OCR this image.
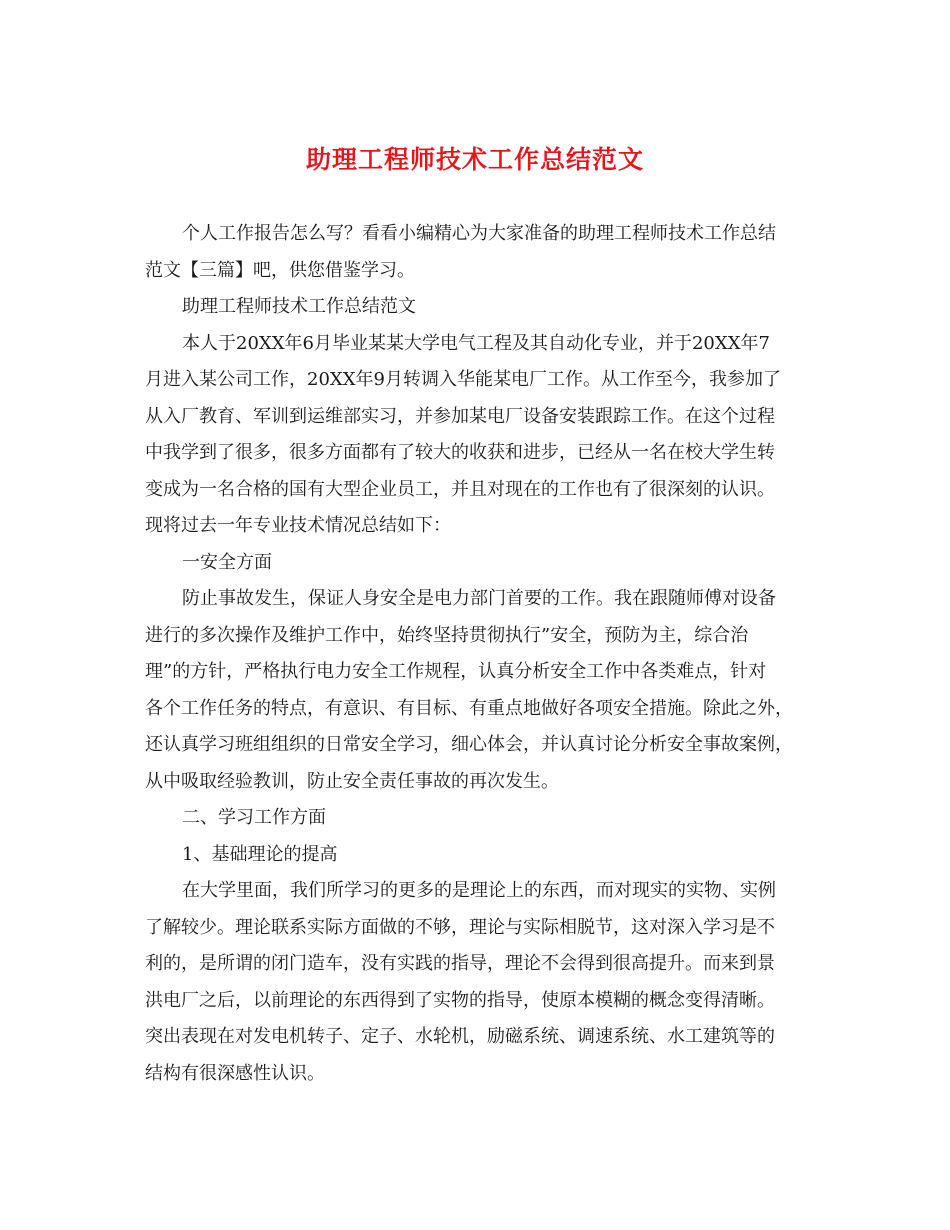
助理工程师技术工作总结范文
个人工作报告怎么写？看看小编精心为大家准备的助理工程师技术工作总结
范文【三篇】吧，供您借鉴学习。
助理工程师技术工作总结范文
本人于20XX年6月毕业某某大学电气工程及其自动化专业，并于20XX年7
月进入某公司工作，20XX年9月转调入华能某电厂工作。从工作至今，我参加了
从入厂教育、军训到运维部实习，并参加某电厂设备安装跟踪工作。在这个过程
中我学到了很多，很多方面都有了较大的收获和进步，已经从一名在校大学生转
变成为一名合格的国有大型企业员工，并且对现在的工作也有了很深刻的认识。
现将过去一年专业技术情况总结如下：
一安全方面
防止事故发生，保证人身安全是电力部门首要的工作。我在跟随师傅对设备
进行的多次操作及维护工作中，始终坚持贯彻执行”安全，预防为主，综合治
理”的方针，严格执行电力安全工作规程，认真分析安全工作中各类难点，针对
各个工作任务的特点，有意识、有目标、有重点地做好各项安全措施。除此之外，
还认真学习班组组织的日常安全学习，细心体会，并认真讨论分析安全事故案例，
从中吸取经验教训，防止安全责任事故的再次发生。
二、学习工作方面
1、基础理论的提高
在大学里面，我们所学习的更多的是理论上的东西，而对现实的实物、实例
了解较少。理论联系实际方面做的不够，理论与实际相脱节，这对深入学习是不
利的，是所谓的闭门造车，没有实践的指导，理论不会得到很高提升。而来到景
洪电厂之后，以前理论的东西得到了实物的指导，使原本模糊的概念变得清晰。
突出表现在对发电机转子、定子、水轮机，励磁系统、调速系统、水工建筑等的
结构有很深感性认识。
